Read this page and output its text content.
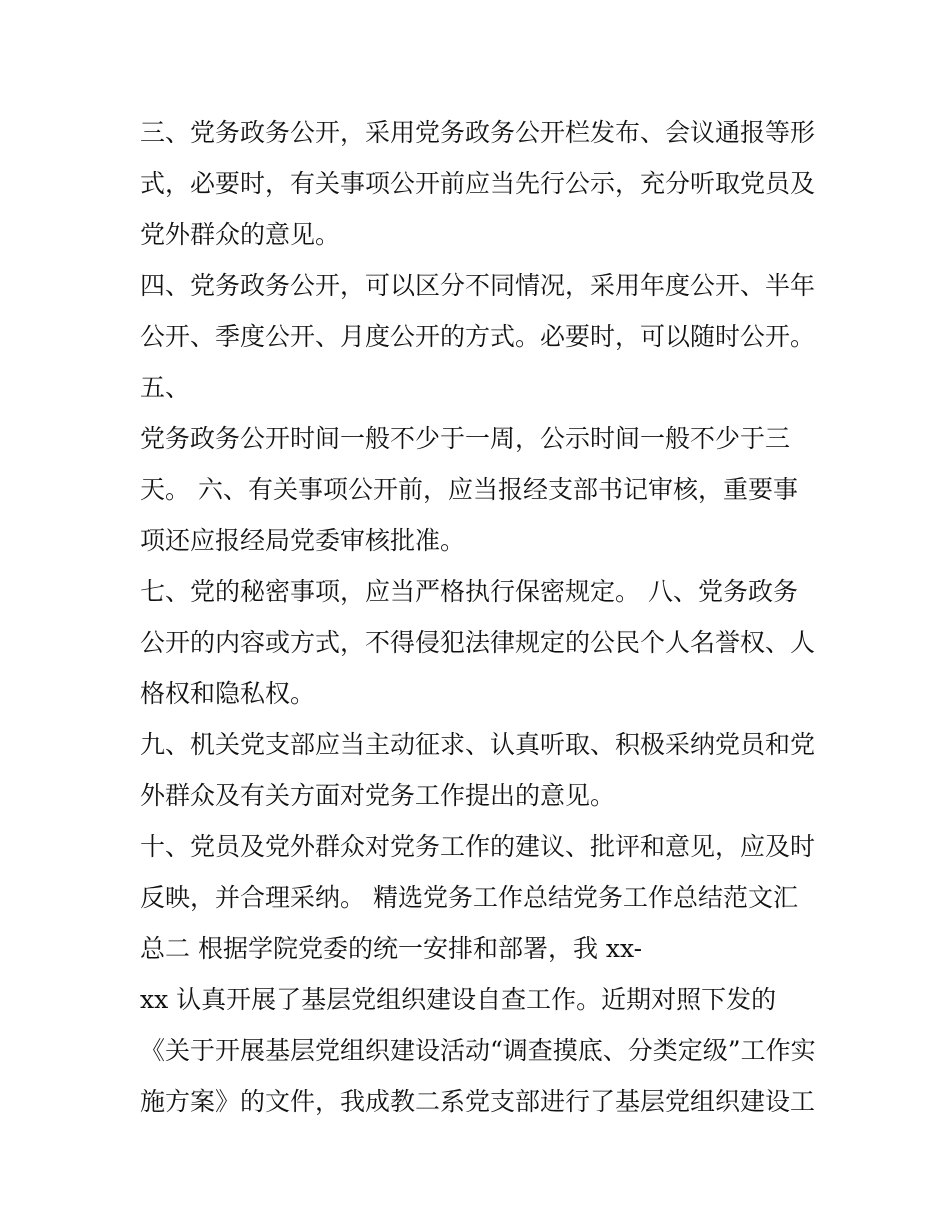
三、党务政务公开，采用党务政务公开栏发布、会议通报等形
式，必要时，有关事项公开前应当先行公示，充分听取党员及
党外群众的意见。
四、党务政务公开，可以区分不同情况，采用年度公开、半年
公开、季度公开、月度公开的方式。必要时，可以随时公开。
五、
党务政务公开时间一般不少于一周，公示时间一般不少于三
天。 六、有关事项公开前，应当报经支部书记审核，重要事
项还应报经局党委审核批准。
七、党的秘密事项，应当严格执行保密规定。 八、党务政务
公开的内容或方式，不得侵犯法律规定的公民个人名誉权、人
格权和隐私权。
九、机关党支部应当主动征求、认真听取、积极采纳党员和党
外群众及有关方面对党务工作提出的意见。
十、党员及党外群众对党务工作的建议、批评和意见，应及时
反映，并合理采纳。 精选党务工作总结党务工作总结范文汇
总二 根据学院党委的统一安排和部署，我 xx-
xx 认真开展了基层党组织建设自查工作。近期对照下发的
《关于开展基层党组织建设活动“调查摸底、分类定级”工作实
施方案》的文件，我成教二系党支部进行了基层党组织建设工
